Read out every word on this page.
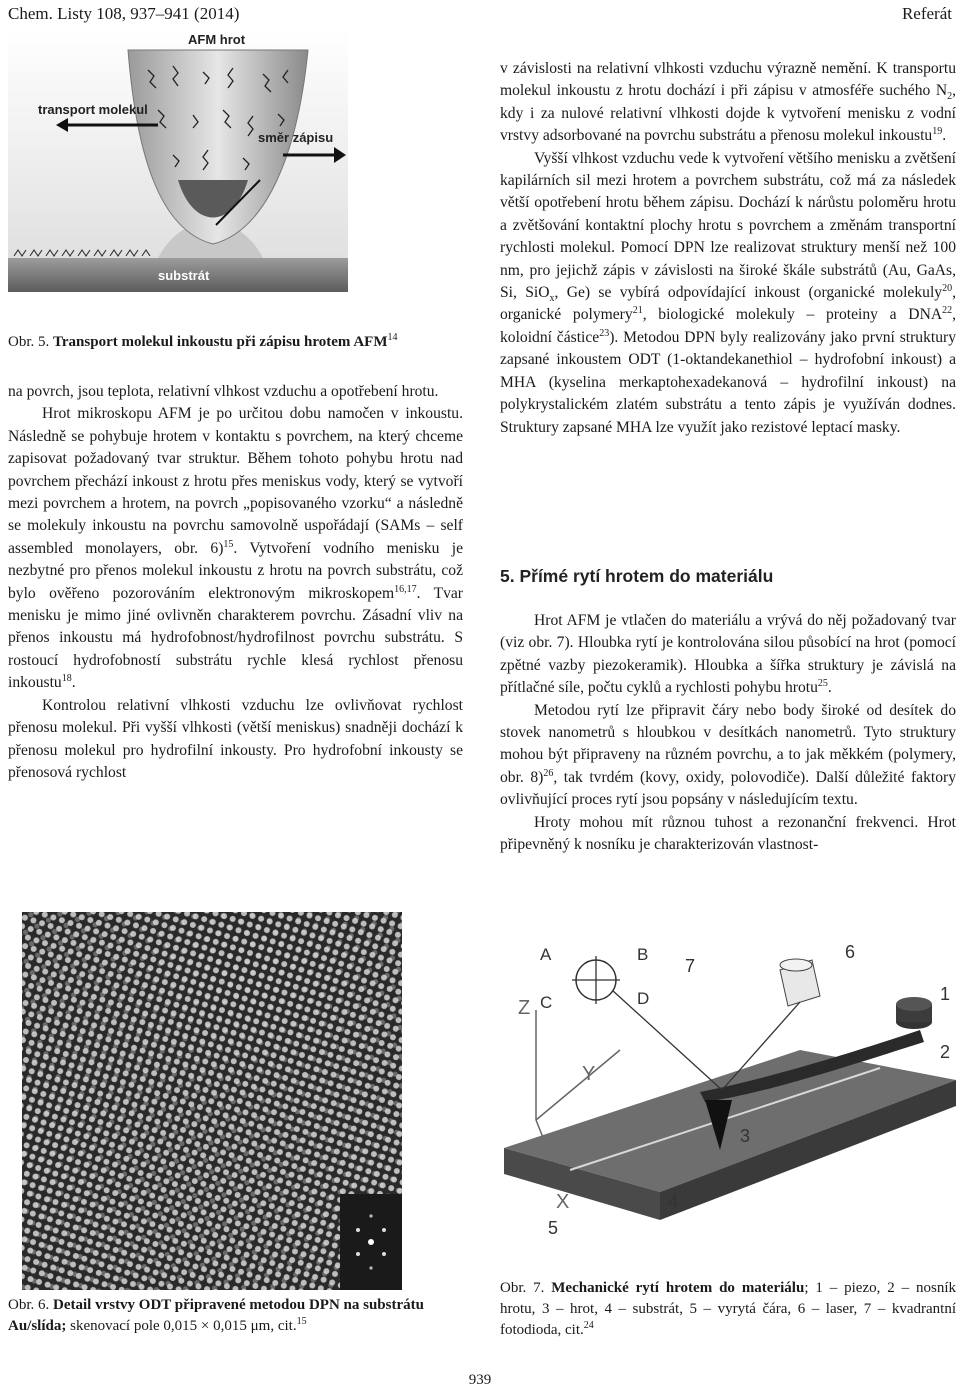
Chem. Listy 108, 937–941 (2014)	Referát
AFM hrot
transport molekul
směr zápisu
substrát
Obr. 5. Transport molekul inkoustu při zápisu hrotem AFM$^{14}$

na povrch, jsou teplota, relativní vlhkost vzduchu a opotřebení hrotu.

Hrot mikroskopu AFM je po určitou dobu namočen v inkoustu. Následně se pohybuje hrotem v kontaktu s povrchem, na který chceme zapisovat požadovaný tvar struktur. Během tohoto pohybu hrotu nad povrchem přechází inkoust z hrotu přes meniskus vody, který se vytvoří mezi povrchem a hrotem, na povrch „popisovaného vzorku“ a následně se molekuly inkoustu na povrchu samovolně uspořádají (SAMs – self assembled monolayers, obr. 6)$^{15}$. Vytvoření vodního menisku je nezbytné pro přenos molekul inkoustu z hrotu na povrch substrátu, což bylo ověřeno pozorováním elektronovým mikroskopem$^{16,17}$. Tvar menisku je mimo jiné ovlivněn charakterem povrchu. Zásadní vliv na přenos inkoustu má hydrofobnost/hydrofilnost povrchu substrátu. S rostoucí hydrofobností substrátu rychle klesá rychlost přenosu inkoustu$^{18}$.

Kontrolou relativní vlhkosti vzduchu lze ovlivňovat rychlost přenosu molekul. Při vyšší vlhkosti (větší meniskus) snadněji dochází k přenosu molekul pro hydrofilní inkousty. Pro hydrofobní inkousty se přenosová rychlost

v závislosti na relativní vlhkosti vzduchu výrazně nemění. K transportu molekul inkoustu z hrotu dochází i při zápisu v atmosféře suchého $N_2$, kdy i za nulové relativní vlhkosti dojde k vytvoření menisku z vodní vrstvy adsorbované na povrchu substrátu a přenosu molekul inkoustu$^{19}$.

Vyšší vlhkost vzduchu vede k vytvoření většího menisku a zvětšení kapilárních sil mezi hrotem a povrchem substrátu, což má za následek větší opotřebení hrotu během zápisu. Dochází k nárůstu poloměru hrotu a zvětšování kontaktní plochy hrotu s povrchem a změnám transportní rychlosti molekul. Pomocí DPN lze realizovat struktury menší než 100 nm, pro jejichž zápis v závislosti na široké škále substrátů (Au, GaAs, Si, SiO$_x$, Ge) se vybírá odpovídající inkoust (organické molekuly$^{20}$, organické polymery$^{21}$, biologické molekuly – proteiny a DNA$^{22}$, koloidní částice$^{23}$). Metodou DPN byly realizovány jako první struktury zapsané inkoustem ODT (1-oktandekanethiol – hydrofobní inkoust) a MHA (kyselina merkaptohexadekanová – hydrofilní inkoust) na polykrystalickém zlatém substrátu a tento zápis je využíván dodnes. Struktury zapsané MHA lze využít jako rezistové leptací masky.

5. Přímé rytí hrotem do materiálu

Hrot AFM je vtlačen do materiálu a vrývá do něj požadovaný tvar (viz obr. 7). Hloubka rytí je kontrolována silou působící na hrot (pomocí zpětné vazby piezokeramik). Hloubka a šířka struktury je závislá na přítlačné síle, počtu cyklů a rychlosti pohybu hrotu$^{25}$.

Metodou rytí lze připravit čáry nebo body široké od desítek do stovek nanometrů s hloubkou v desítkách nanometrů. Tyto struktury mohou být připraveny na různém povrchu, a to jak měkkém (polymery, obr. 8)$^{26}$, tak tvrdém (kovy, oxidy, polovodiče). Další důležité faktory ovlivňující proces rytí jsou popsány v následujícím textu.

Hroty mohou mít různou tuhost a rezonanční frekvenci. Hrot připevněný k nosníku je charakterizován vlastnost-

Obr. 6. Detail vrstvy ODT připravené metodou DPN na substrátu Au/slída; skenovací pole 0,015 × 0,015 μm, cit.$^{15}$
Z
Y
X
A	B
C	D
7
6
1
2
3
4
5
Obr. 7. Mechanické rytí hrotem do materiálu; 1 – piezo, 2 – nosník hrotu, 3 – hrot, 4 – substrát, 5 – vyrytá čára, 6 – laser, 7 – kvadrantní fotodioda, cit.$^{24}$
939
